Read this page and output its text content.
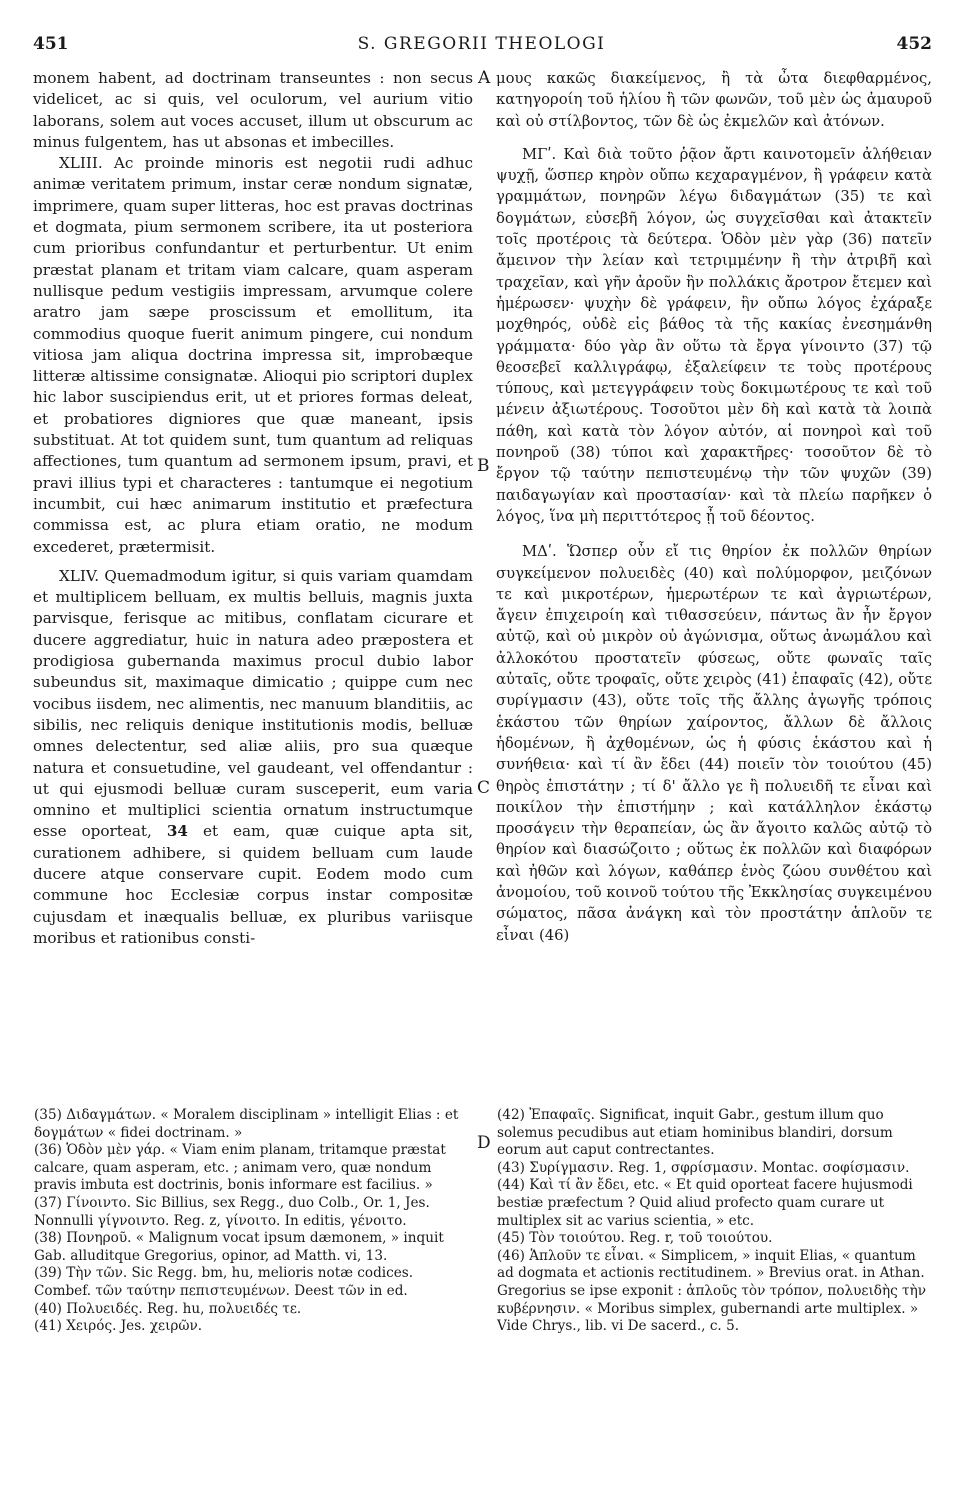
451	S. GREGORII THEOLOGI	452
A
B
C
D

monem habent, ad doctrinam transeuntes : non secus videlicet, ac si quis, vel oculorum, vel aurium vitio laborans, solem aut voces accuset, illum ut obscurum ac minus fulgentem, has ut absonas et imbecilles.

XLIII. Ac proinde minoris est negotii rudi adhuc animæ veritatem primum, instar ceræ nondum signatæ, imprimere, quam super litteras, hoc est pravas doctrinas et dogmata, pium sermonem scribere, ita ut posteriora cum prioribus confundantur et perturbentur. Ut enim præstat planam et tritam viam calcare, quam asperam nullisque pedum vestigiis impressam, arvumque colere aratro jam sæpe proscissum et emollitum, ita commodius quoque fuerit animum pingere, cui nondum vitiosa jam aliqua doctrina impressa sit, improbæque litteræ altissime consignatæ. Alioqui pio scriptori duplex hic labor suscipiendus erit, ut et priores formas deleat, et probatiores digniores que quæ maneant, ipsis substituat. At tot quidem sunt, tum quantum ad reliquas affectiones, tum quantum ad sermonem ipsum, pravi, et pravi illius typi et characteres : tantumque ei negotium incumbit, cui hæc animarum institutio et præfectura commissa est, ac plura etiam oratio, ne modum excederet, prætermisit.

XLIV. Quemadmodum igitur, si quis variam quamdam et multiplicem belluam, ex multis belluis, magnis juxta parvisque, ferisque ac mitibus, conflatam cicurare et ducere aggrediatur, huic in natura adeo præpostera et prodigiosa gubernanda maximus procul dubio labor subeundus sit, maximaque dimicatio ; quippe cum nec vocibus iisdem, nec alimentis, nec manuum blanditiis, ac sibilis, nec reliquis denique institutionis modis, belluæ omnes delectentur, sed aliæ aliis, pro sua quæque natura et consuetudine, vel gaudeant, vel offendantur : ut qui ejusmodi belluæ curam susceperit, eum varia omnino et multiplici scientia ornatum instructumque esse oporteat, 34 et eam, quæ cuique apta sit, curationem adhibere, si quidem belluam cum laude ducere atque conservare cupit. Eodem modo cum commune hoc Ecclesiæ corpus instar compositæ cujusdam et inæqualis belluæ, ex pluribus variisque moribus et rationibus consti-

μους κακῶς διακείμενος, ἢ τὰ ὦτα διεφθαρμένος, κατηγοροίη τοῦ ἡλίου ἢ τῶν φωνῶν, τοῦ μὲν ὡς ἀμαυροῦ καὶ οὐ στίλβοντος, τῶν δὲ ὡς ἐκμελῶν καὶ ἀτόνων.

ΜΓʹ. Καὶ διὰ τοῦτο ῥᾷον ἄρτι καινοτομεῖν ἀλήθειαν ψυχῇ, ὥσπερ κηρὸν οὔπω κεχαραγμένον, ἢ γράφειν κατὰ γραμμάτων, πονηρῶν λέγω διδαγμάτων (35) τε καὶ δογμάτων, εὐσεβῆ λόγον, ὡς συγχεῖσθαι καὶ ἀτακτεῖν τοῖς προτέροις τὰ δεύτερα. Ὁδὸν μὲν γὰρ (36) πατεῖν ἄμεινον τὴν λείαν καὶ τετριμμένην ἢ τὴν ἀτριβῆ καὶ τραχεῖαν, καὶ γῆν ἀροῦν ἣν πολλάκις ἄροτρον ἔτεμεν καὶ ἡμέρωσεν· ψυχὴν δὲ γράφειν, ἣν οὔπω λόγος ἐχάραξε μοχθηρός, οὐδὲ εἰς βάθος τὰ τῆς κακίας ἐνεσημάνθη γράμματα· δύο γὰρ ἂν οὕτω τὰ ἔργα γίνοιντο (37) τῷ θεοσεβεῖ καλλιγράφῳ, ἐξαλείφειν τε τοὺς προτέρους τύπους, καὶ μετεγγράφειν τοὺς δοκιμωτέρους τε καὶ τοῦ μένειν ἀξιωτέρους. Τοσοῦτοι μὲν δὴ καὶ κατὰ τὰ λοιπὰ πάθη, καὶ κατὰ τὸν λόγον αὐτόν, αἱ πονηροὶ καὶ τοῦ πονηροῦ (38) τύποι καὶ χαρακτῆρες· τοσοῦτον δὲ τὸ ἔργον τῷ ταύτην πεπιστευμένῳ τὴν τῶν ψυχῶν (39) παιδαγωγίαν καὶ προστασίαν· καὶ τὰ πλείω παρῆκεν ὁ λόγος, ἵνα μὴ περιττότερος ᾖ τοῦ δέοντος.

ΜΔʹ. Ὥσπερ οὖν εἴ τις θηρίον ἐκ πολλῶν θηρίων συγκείμενον πολυειδὲς (40) καὶ πολύμορφον, μειζόνων τε καὶ μικροτέρων, ἡμερωτέρων τε καὶ ἀγριωτέρων, ἄγειν ἐπιχειροίη καὶ τιθασσεύειν, πάντως ἂν ἦν ἔργον αὐτῷ, καὶ οὐ μικρὸν οὐ ἀγώνισμα, οὕτως ἀνωμάλου καὶ ἀλλοκότου προστατεῖν φύσεως, οὔτε φωναῖς ταῖς αὐταῖς, οὔτε τροφαῖς, οὔτε χειρὸς (41) ἐπαφαῖς (42), οὔτε συρίγμασιν (43), οὔτε τοῖς τῆς ἄλλης ἀγωγῆς τρόποις ἑκάστου τῶν θηρίων χαίροντος, ἄλλων δὲ ἄλλοις ἡδομένων, ἢ ἀχθομένων, ὡς ἡ φύσις ἑκάστου καὶ ἡ συνήθεια· καὶ τί ἂν ἔδει (44) ποιεῖν τὸν τοιούτου (45) θηρὸς ἐπιστάτην ; τί δ' ἄλλο γε ἢ πολυειδῆ τε εἶναι καὶ ποικίλον τὴν ἐπιστήμην ; καὶ κατάλληλον ἑκάστῳ προσάγειν τὴν θεραπείαν, ὡς ἂν ἄγοιτο καλῶς αὐτῷ τὸ θηρίον καὶ διασώζοιτο ; οὕτως ἐκ πολλῶν καὶ διαφόρων καὶ ἠθῶν καὶ λόγων, καθάπερ ἑνὸς ζώου συνθέτου καὶ ἀνομοίου, τοῦ κοινοῦ τούτου τῆς Ἐκκλησίας συγκειμένου σώματος, πᾶσα ἀνάγκη καὶ τὸν προστάτην ἁπλοῦν τε εἶναι (46)

(35) Διδαγμάτων. « Moralem disciplinam » intelligit Elias : et δογμάτων « fidei doctrinam. »

(36) Ὁδὸν μὲν γάρ. « Viam enim planam, tritamque præstat calcare, quam asperam, etc. ; animam vero, quæ nondum pravis imbuta est doctrinis, bonis informare est facilius. »

(37) Γίνοιντο. Sic Billius, sex Regg., duo Colb., Or. 1, Jes. Nonnulli γίγνοιντο. Reg. z, γίνοιτο. In editis, γένοιτο.

(38) Πονηροῦ. « Malignum vocat ipsum dæmonem, » inquit Gab. alluditque Gregorius, opinor, ad Matth. vi, 13.

(39) Τὴν τῶν. Sic Regg. bm, hu, melioris notæ codices. Combef. τῶν ταύτην πεπιστευμένων. Deest τῶν in ed.

(40) Πολυειδές. Reg. hu, πολυειδές τε.

(41) Χειρός. Jes. χειρῶν.

(42) Ἐπαφαῖς. Significat, inquit Gabr., gestum illum quo solemus pecudibus aut etiam hominibus blandiri, dorsum eorum aut caput contrectantes.

(43) Συρίγμασιν. Reg. 1, σφρίσμασιν. Montac. σοφίσμασιν.

(44) Καὶ τί ἂν ἔδει, etc. « Et quid oporteat facere hujusmodi bestiæ præfectum ? Quid aliud profecto quam curare ut multiplex sit ac varius scientia, » etc.

(45) Τὸν τοιούτου. Reg. r, τοῦ τοιούτου.

(46) Ἁπλοῦν τε εἶναι. « Simplicem, » inquit Elias, « quantum ad dogmata et actionis rectitudinem. » Brevius orat. in Athan. Gregorius se ipse exponit : ἁπλοῦς τὸν τρόπον, πολυειδὴς τὴν κυβέρνησιν. « Moribus simplex, gubernandi arte multiplex. » Vide Chrys., lib. vi De sacerd., c. 5.
